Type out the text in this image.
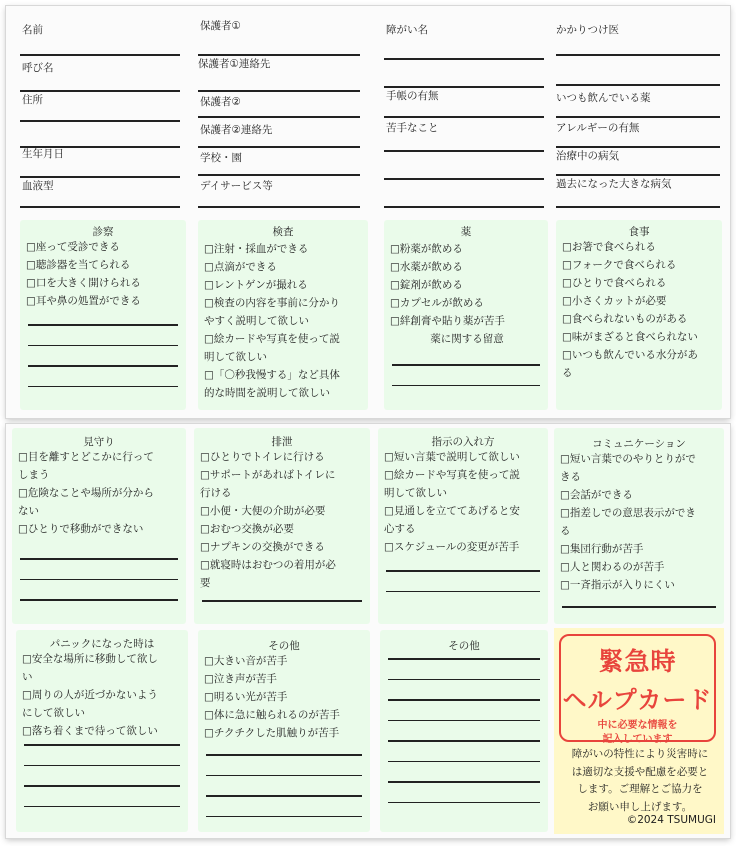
名前
呼び名
住所
生年月日
血液型
保護者①
保護者①連絡先
保護者②
保護者②連絡先
学校・園
デイサービス等
障がい名
手帳の有無
苦手なこと
かかりつけ医
いつも飲んでいる薬
アレルギーの有無
治療中の病気
過去になった大きな病気
診察
□座って受診できる
□聴診器を当てられる
□口を大きく開けられる
□耳や鼻の処置ができる
検査
□注射・採血ができる
□点滴ができる
□レントゲンが撮れる
□検査の内容を事前に分かり
やすく説明して欲しい
□絵カードや写真を使って説
明して欲しい
□「〇秒我慢する」など具体
的な時間を説明して欲しい
薬
□粉薬が飲める
□水薬が飲める
□錠剤が飲める
□カプセルが飲める
□絆創膏や貼り薬が苦手
薬に関する留意
食事
□お箸で食べられる
□フォークで食べられる
□ひとりで食べられる
□小さくカットが必要
□食べられないものがある
□味がまざると食べられない
□いつも飲んでいる水分があ
る
見守り
□目を離すとどこかに行って
しまう
□危険なことや場所が分から
ない
□ひとりで移動ができない
排泄
□ひとりでトイレに行ける
□サポートがあればトイレに
行ける
□小便・大便の介助が必要
□おむつ交換が必要
□ナプキンの交換ができる
□就寝時はおむつの着用が必
要
指示の入れ方
□短い言葉で説明して欲しい
□絵カードや写真を使って説
明して欲しい
□見通しを立ててあげると安
心する
□スケジュールの変更が苦手
コミュニケーション
□短い言葉でのやりとりがで
きる
□会話ができる
□指差しでの意思表示ができ
る
□集団行動が苦手
□人と関わるのが苦手
□一斉指示が入りにくい
パニックになった時は
□安全な場所に移動して欲し
い
□周りの人が近づかないよう
にして欲しい
□落ち着くまで待って欲しい
その他
□大きい音が苦手
□泣き声が苦手
□明るい光が苦手
□体に急に触られるのが苦手
□チクチクした肌触りが苦手
その他
緊急時
ヘルプカード
中に必要な情報を
記入しています
障がいの特性により災害時に
は適切な支援や配慮を必要と
します。ご理解とご協力を
お願い申し上げます。
©2024 TSUMUGI
